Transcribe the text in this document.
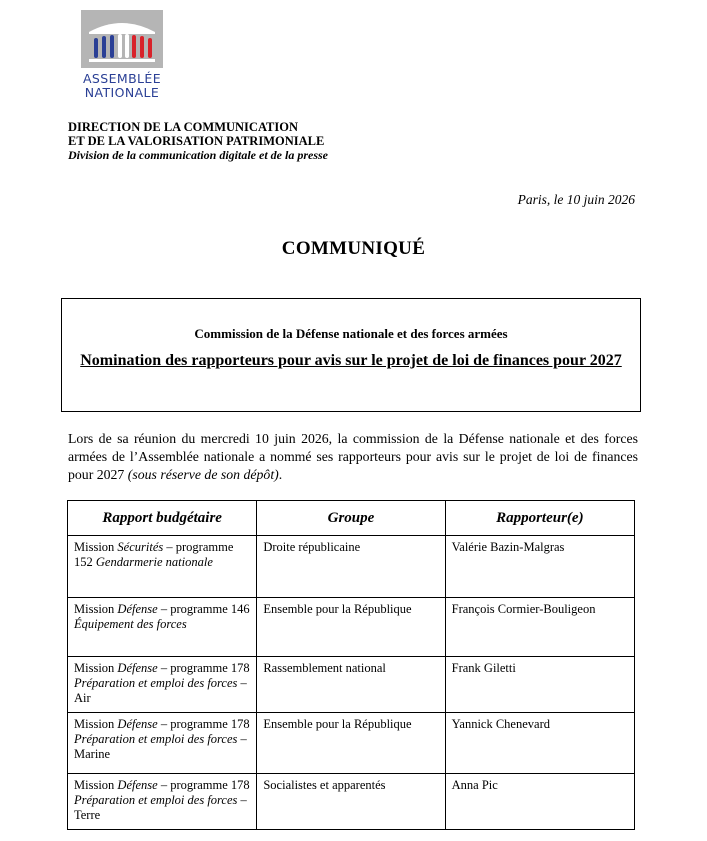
ASSEMBLÉE
NATIONALE
DIRECTION DE LA COMMUNICATION
ET DE LA VALORISATION PATRIMONIALE
Division de la communication digitale et de la presse
Paris, le 10 juin 2026
COMMUNIQUÉ
Commission de la Défense nationale et des forces armées
Nomination des rapporteurs pour avis sur le projet de loi de finances pour 2027
Lors de sa réunion du mercredi 10 juin 2026, la commission de la Défense nationale et des forces armées de l’Assemblée nationale a nommé ses rapporteurs pour avis sur le projet de loi de finances pour 2027 (sous réserve de son dépôt).
Rapport budgétaire	Groupe	Rapporteur(e)
Mission Sécurités – programme 152 Gendarmerie nationale	Droite républicaine	Valérie Bazin-Malgras
Mission Défense – programme 146 Équipement des forces	Ensemble pour la République	François Cormier-Bouligeon
Mission Défense – programme 178 Préparation et emploi des forces – Air	Rassemblement national	Frank Giletti
Mission Défense – programme 178 Préparation et emploi des forces – Marine	Ensemble pour la République	Yannick Chenevard
Mission Défense – programme 178 Préparation et emploi des forces – Terre	Socialistes et apparentés	Anna Pic
